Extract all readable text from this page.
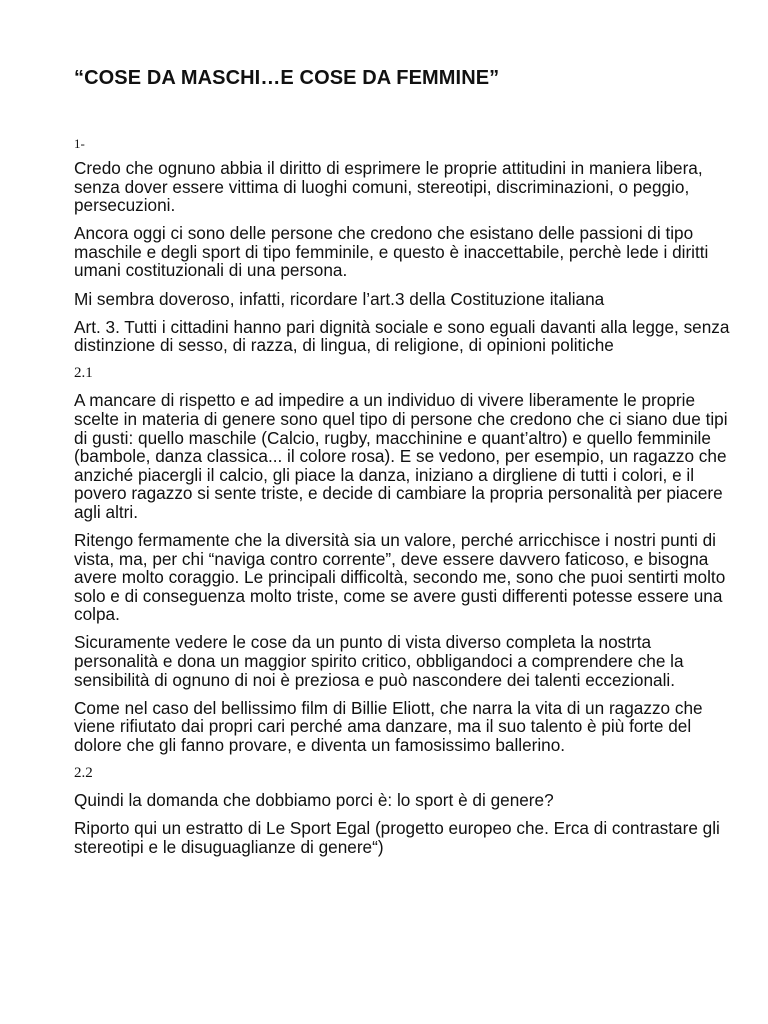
“COSE DA MASCHI…E COSE DA FEMMINE”
1-

Credo che ognuno abbia il diritto di esprimere le proprie attitudini in maniera libera, senza dover essere vittima di luoghi comuni, stereotipi, discriminazioni, o peggio, persecuzioni.

Ancora oggi ci sono delle persone che credono che esistano delle passioni di tipo maschile e degli sport di tipo femminile, e questo è inaccettabile, perchè lede i diritti umani costituzionali di una persona.

Mi sembra doveroso, infatti, ricordare l’art.3 della Costituzione italiana

Art. 3. Tutti i cittadini hanno pari dignità sociale e sono eguali davanti alla legge, senza distinzione di sesso, di razza, di lingua, di religione, di opinioni politiche

2.1

A mancare di rispetto e ad impedire a un individuo di vivere liberamente le proprie scelte in materia di genere sono quel tipo di persone che credono che ci siano due tipi di gusti: quello maschile (Calcio, rugby, macchinine e quant’altro) e quello femminile (bambole, danza classica... il colore rosa). E se vedono, per esempio, un ragazzo che anziché piacergli il calcio, gli piace la danza, iniziano a dirgliene di tutti i colori, e il povero ragazzo si sente triste, e decide di cambiare la propria personalità per piacere agli altri.

Ritengo fermamente che la diversità sia un valore, perché arricchisce i nostri punti di vista, ma, per chi “naviga contro corrente”, deve essere davvero faticoso, e bisogna avere molto coraggio. Le principali difficoltà, secondo me, sono che puoi sentirti molto solo e di conseguenza molto triste, come se avere gusti differenti potesse essere una colpa.

Sicuramente vedere le cose da un punto di vista diverso completa la nostrta personalità e dona un maggior spirito critico, obbligandoci a comprendere che la sensibilità di ognuno di noi è preziosa e può nascondere dei talenti eccezionali.

Come nel caso del bellissimo film di Billie Eliott, che narra la vita di un ragazzo che viene rifiutato dai propri cari perché ama danzare, ma il suo talento è più forte del dolore che gli fanno provare, e diventa un famosissimo ballerino.

2.2

Quindi la domanda che dobbiamo porci è: lo sport è di genere?

Riporto qui un estratto di Le Sport Egal (progetto europeo che. Erca di contrastare gli stereotipi e le disuguaglianze di genere“)
